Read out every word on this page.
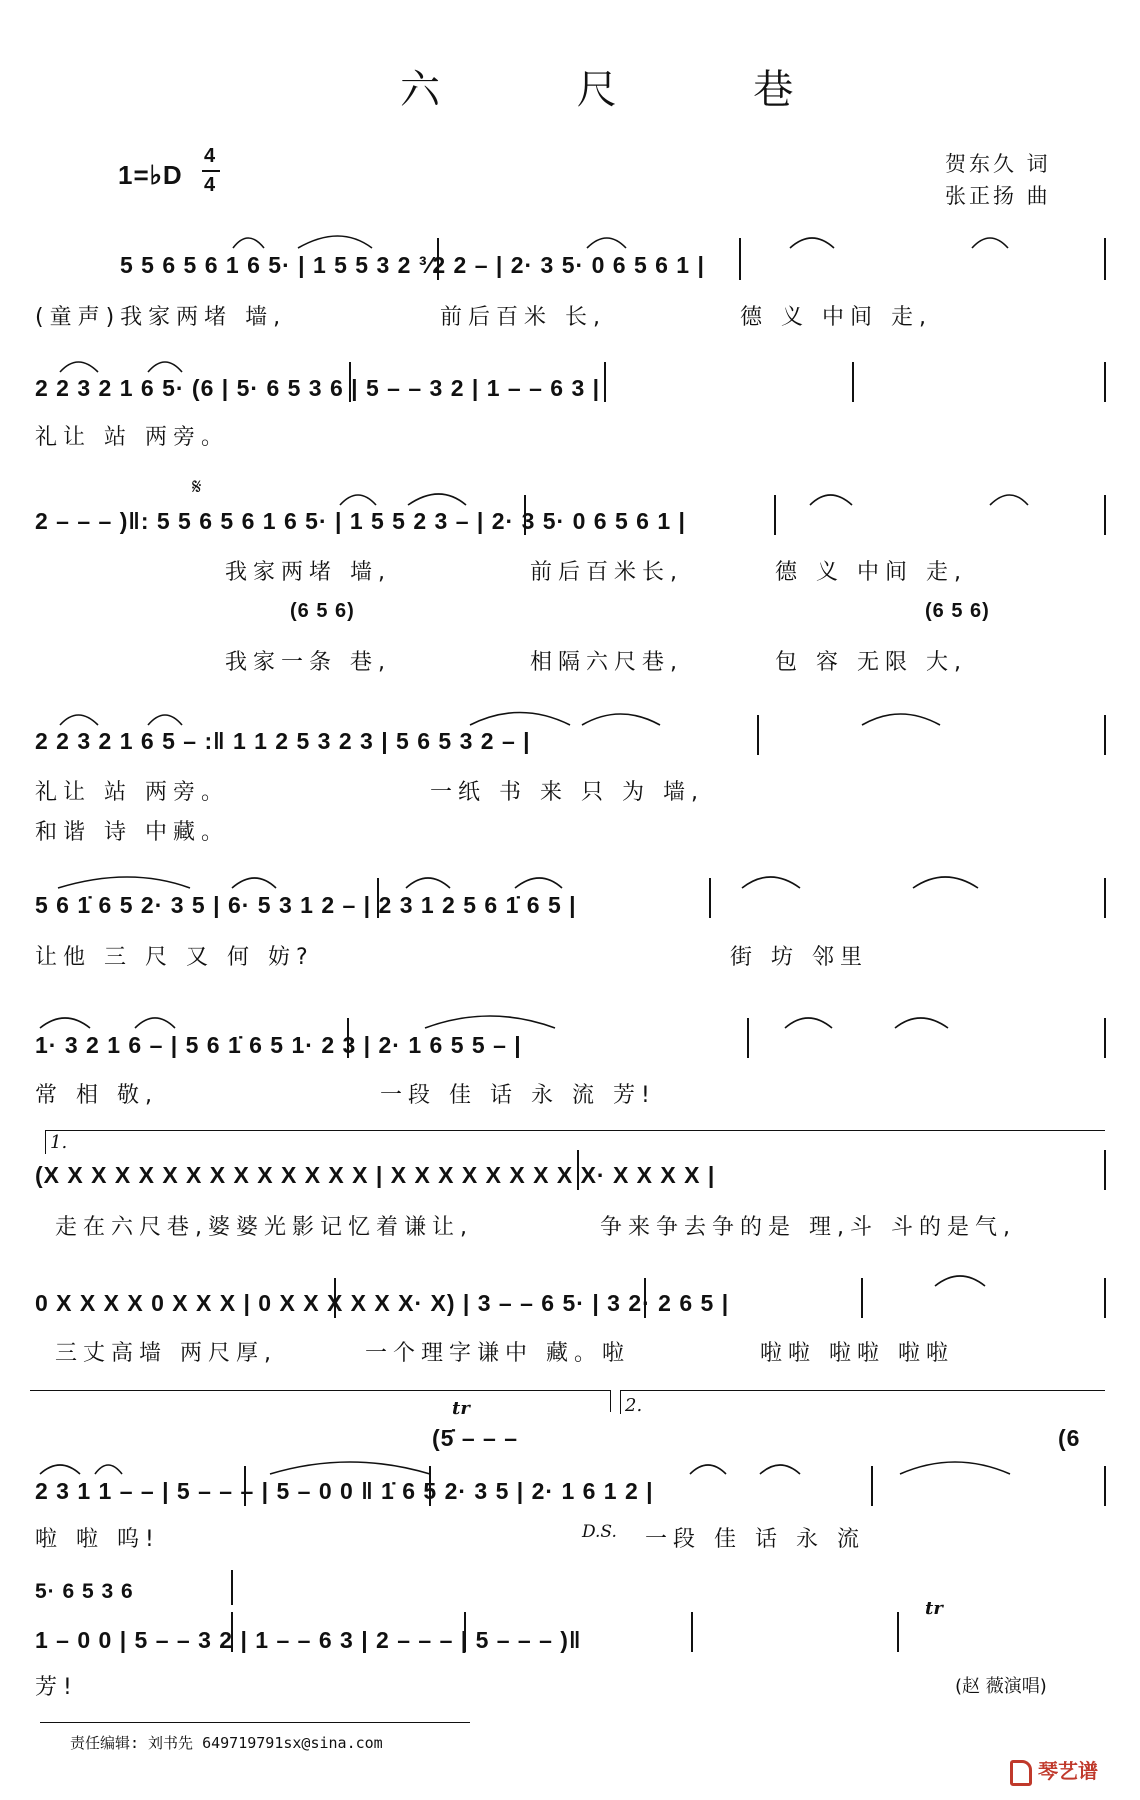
六 尺 巷
1=♭D
4
4
贺东久 词
张正扬 曲
5 5 6 5 6 1 6 5· | 1 5 5 3 2 ³⁄2 2 – | 2· 3 5· 0 6 5 6 1 |
(童声)我家两堵 墙,	前后百米 长,	德 义 中间 走,
2 2 3 2 1 6 5· (6 | 5· 6 5 3 6 | 5 – – 3 2 | 1 – – 6 3 |
礼让 站 两旁。
𝄋
2 – – – )‖: 5 5 6 5 6 1 6 5· | 1 5 5 2 3 – | 2· 3 5· 0 6 5 6 1 |
我家两堵 墙,	前后百米长,	德 义 中间 走,
(6 5 6)	(6 5 6)
我家一条 巷,	相隔六尺巷,	包 容 无限 大,
2 2 3 2 1 6 5 – :‖ 1 1 2 5 3 2 3 | 5 6 5 3 2 – |
礼让 站 两旁。	一纸 书 来 只 为 墙,
和谐 诗 中藏。
5 6 1̇ 6 5 2· 3 5 | 6· 5 3 1 2 – | 2 3 1 2 5 6 1̇ 6 5 |
让他 三 尺 又 何 妨?	街 坊 邻里
1· 3 2 1 6 – | 5 6 1̇ 6 5 1· 2 3 | 2· 1 6 5 5 – |
常 相 敬,	一段 佳 话 永 流 芳!
1.
(X X X X X X X X X X X X X X | X X X X X X X X X· X X X X |
走在六尺巷,婆婆光影记忆着谦让,	争来争去争的是 理,斗 斗的是气,
0 X X X X 0 X X X | 0 X X X X X X· X) | 3 – – 6 5· | 3 2· 2 6 5 |
三丈高墙 两尺厚,	一个理字谦中 藏。啦	啦啦 啦啦 啦啦
2.
tr
(5̇ – – –	(6
2 3 1 1 – – | 5 – – – | 5 – 0 0 ‖ 1̇ 6 5 2· 3 5 | 2· 1 6 1 2 |
啦 啦 呜!	D.S. 一段 佳 话 永 流
5· 6 5 3 6
tr
1 – 0 0 | 5 – – 3 2 | 1 – – 6 3 | 2 – – – | 5 – – – )‖
芳!	(赵 薇演唱)
责任编辑: 刘书先 649719791sx@sina.com
琴艺谱
